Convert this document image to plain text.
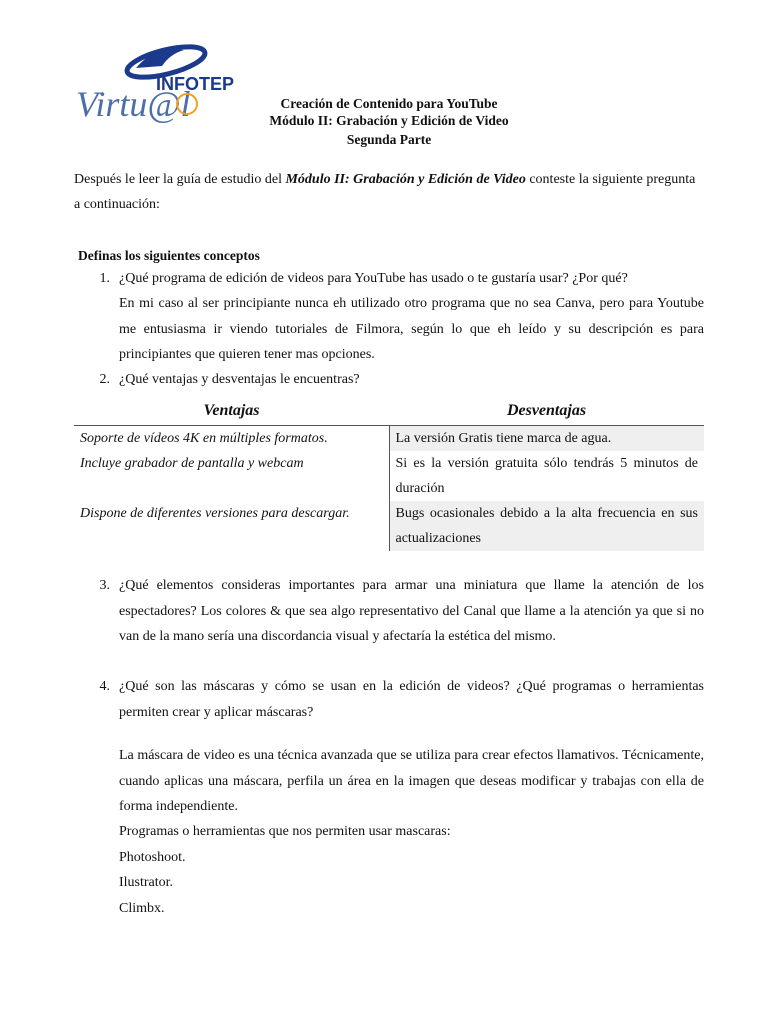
INFOTEP
Virtu@l	Creación de Contenido para YouTube
Módulo II: Grabación y Edición de Video
Segunda Parte
Después le leer la guía de estudio del Módulo II: Grabación y Edición de Video conteste la siguiente pregunta a continuación:
Definas los siguientes conceptos
1. ¿Qué programa de edición de videos para YouTube has usado o te gustaría usar? ¿Por qué?
En mi caso al ser principiante nunca eh utilizado otro programa que no sea Canva, pero para Youtube me entusiasma ir viendo tutoriales de Filmora, según lo que eh leído y su descripción es para principiantes que quieren tener mas opciones.
2. ¿Qué ventajas y desventajas le encuentras?
Ventajas	Desventajas
Soporte de vídeos 4K en múltiples formatos.	La versión Gratis tiene marca de agua.
Incluye grabador de pantalla y webcam	Si es la versión gratuita sólo tendrás 5 minutos de duración
Dispone de diferentes versiones para descargar.	Bugs ocasionales debido a la alta frecuencia en sus actualizaciones
3. ¿Qué elementos consideras importantes para armar una miniatura que llame la atención de los espectadores? Los colores & que sea algo representativo del Canal que llame a la atención ya que si no van de la mano sería una discordancia visual y afectaría la estética del mismo.
4. ¿Qué son las máscaras y cómo se usan en la edición de videos? ¿Qué programas o herramientas permiten crear y aplicar máscaras?
La máscara de video es una técnica avanzada que se utiliza para crear efectos llamativos. Técnicamente, cuando aplicas una máscara, perfila un área en la imagen que deseas modificar y trabajas con ella de forma independiente.
Programas o herramientas que nos permiten usar mascaras:
Photoshoot.
Ilustrator.
Climbx.
